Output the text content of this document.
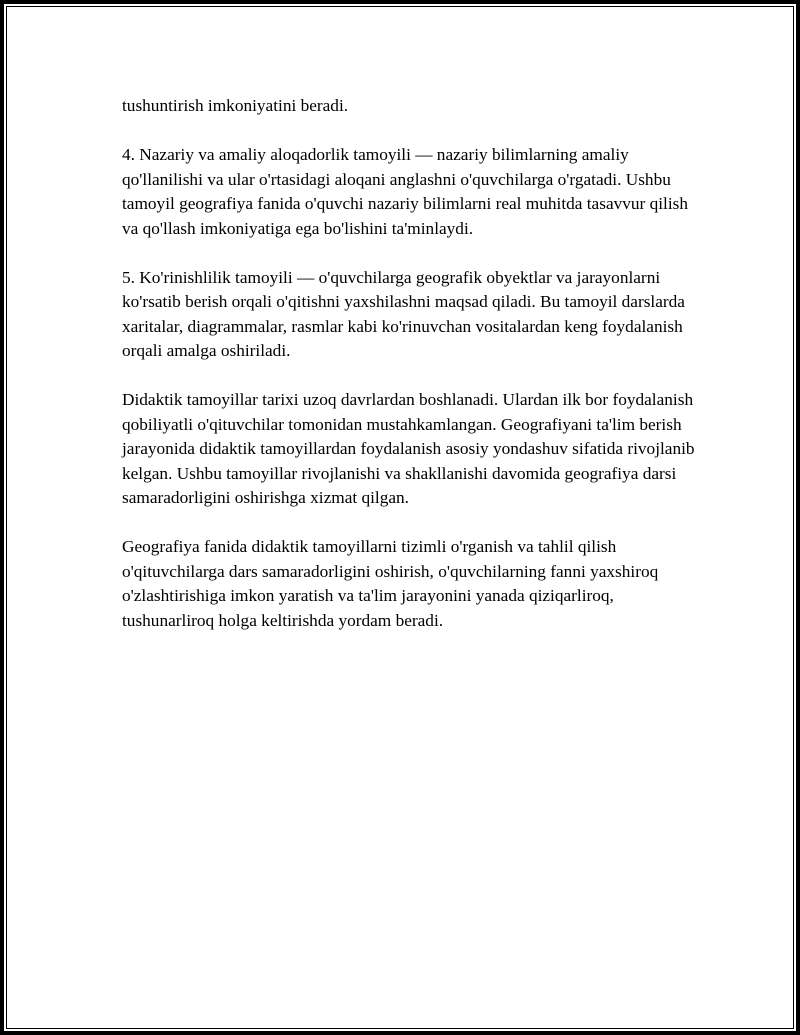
tushuntirish imkoniyatini beradi.

4. Nazariy va amaliy aloqadorlik tamoyili — nazariy bilimlarning amaliy qo'llanilishi va ular o'rtasidagi aloqani anglashni o'quvchilarga o'rgatadi. Ushbu tamoyil geografiya fanida o'quvchi nazariy bilimlarni real muhitda tasavvur qilish va qo'llash imkoniyatiga ega bo'lishini ta'minlaydi.

5. Ko'rinishlilik tamoyili — o'quvchilarga geografik obyektlar va jarayonlarni ko'rsatib berish orqali o'qitishni yaxshilashni maqsad qiladi. Bu tamoyil darslarda xaritalar, diagrammalar, rasmlar kabi ko'rinuvchan vositalardan keng foydalanish orqali amalga oshiriladi.

Didaktik tamoyillar tarixi uzoq davrlardan boshlanadi. Ulardan ilk bor foydalanish qobiliyatli o'qituvchilar tomonidan mustahkamlangan. Geografiyani ta'lim berish jarayonida didaktik tamoyillardan foydalanish asosiy yondashuv sifatida rivojlanib kelgan. Ushbu tamoyillar rivojlanishi va shakllanishi davomida geografiya darsi samaradorligini oshirishga xizmat qilgan.

Geografiya fanida didaktik tamoyillarni tizimli o'rganish va tahlil qilish o'qituvchilarga dars samaradorligini oshirish, o'quvchilarning fanni yaxshiroq o'zlashtirishiga imkon yaratish va ta'lim jarayonini yanada qiziqarliroq, tushunarliroq holga keltirishda yordam beradi.
